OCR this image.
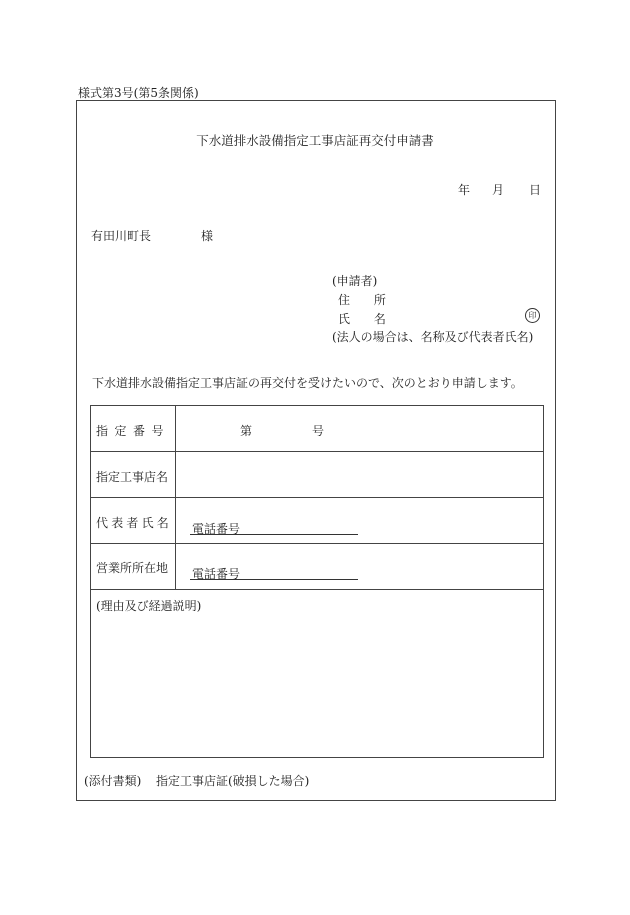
様式第3号(第5条関係)
下水道排水設備指定工事店証再交付申請書
年 月 日
有田川町長	様
(申請者)
住 所
氏 名	印
(法人の場合は、名称及び代表者氏名)
下水道排水設備指定工事店証の再交付を受けたいので、次のとおり申請します。
指定番号	第	号
指定工事店名
代表者氏名 電話番号
営業所所在地 電話番号
(理由及び経過説明)
(添付書類) 指定工事店証(破損した場合)
